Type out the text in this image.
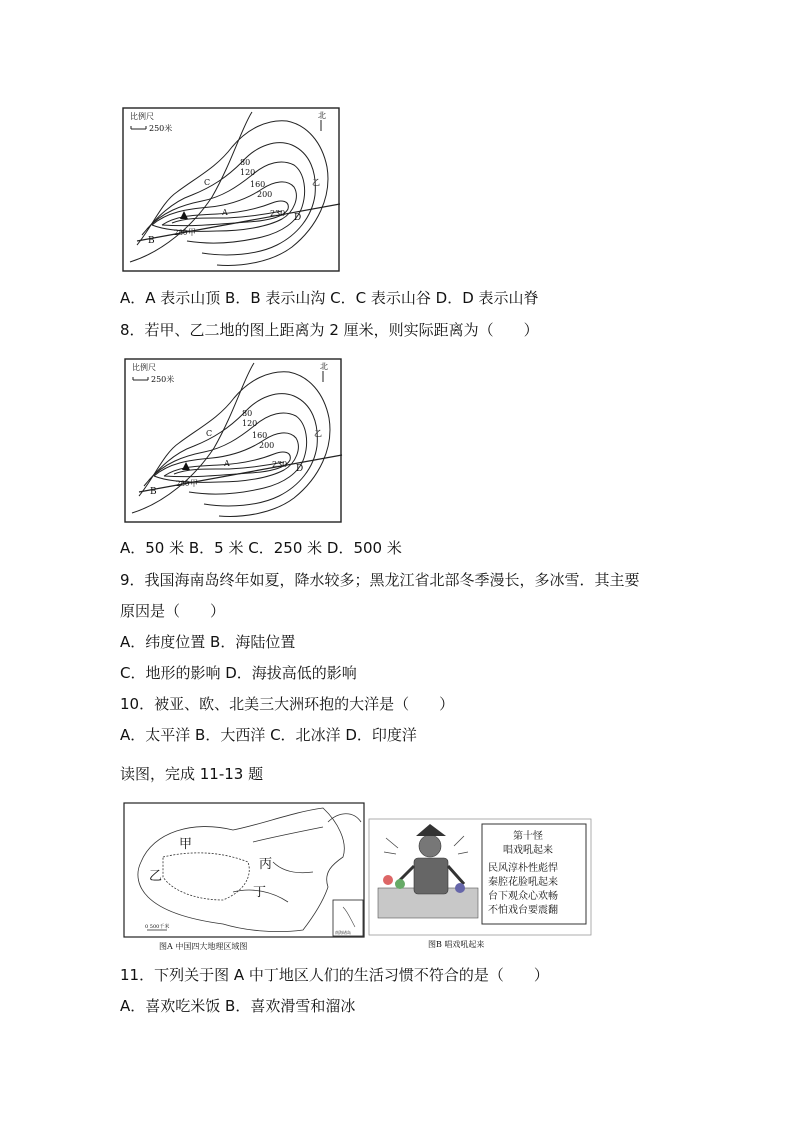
比例尺
250米
北
80
120
160
200
230
280 甲
A
B
C
D
乙
A．A 表示山顶 B．B 表示山沟 C．C 表示山谷 D．D 表示山脊
8．若甲、乙二地的图上距离为 2 厘米，则实际距离为（　　）
比例尺
250米
北
80
120
160
200
230
280 甲
A
B
C
D
乙
A．50 米 B．5 米 C．250 米 D．500 米
9．我国海南岛终年如夏，降水较多；黑龙江省北部冬季漫长，多冰雪．其主要
原因是（　　）
A．纬度位置 B．海陆位置
C．地形的影响 D．海拔高低的影响
10．被亚、欧、北美三大洲环抱的大洋是（　　）
A．太平洋 B．大西洋 C．北冰洋 D．印度洋
读图，完成 11-13 题
甲
乙
丙
丁
0 500千米
南海诸岛
图A 中国四大地理区域图
第十怪
唱戏吼起来
民风淳朴性彪悍
秦腔花脸吼起来
台下观众心欢畅
不怕戏台要震翻
图B 唱戏吼起来
11．下列关于图 A 中丁地区人们的生活习惯不符合的是（　　）
A．喜欢吃米饭 B．喜欢滑雪和溜冰
